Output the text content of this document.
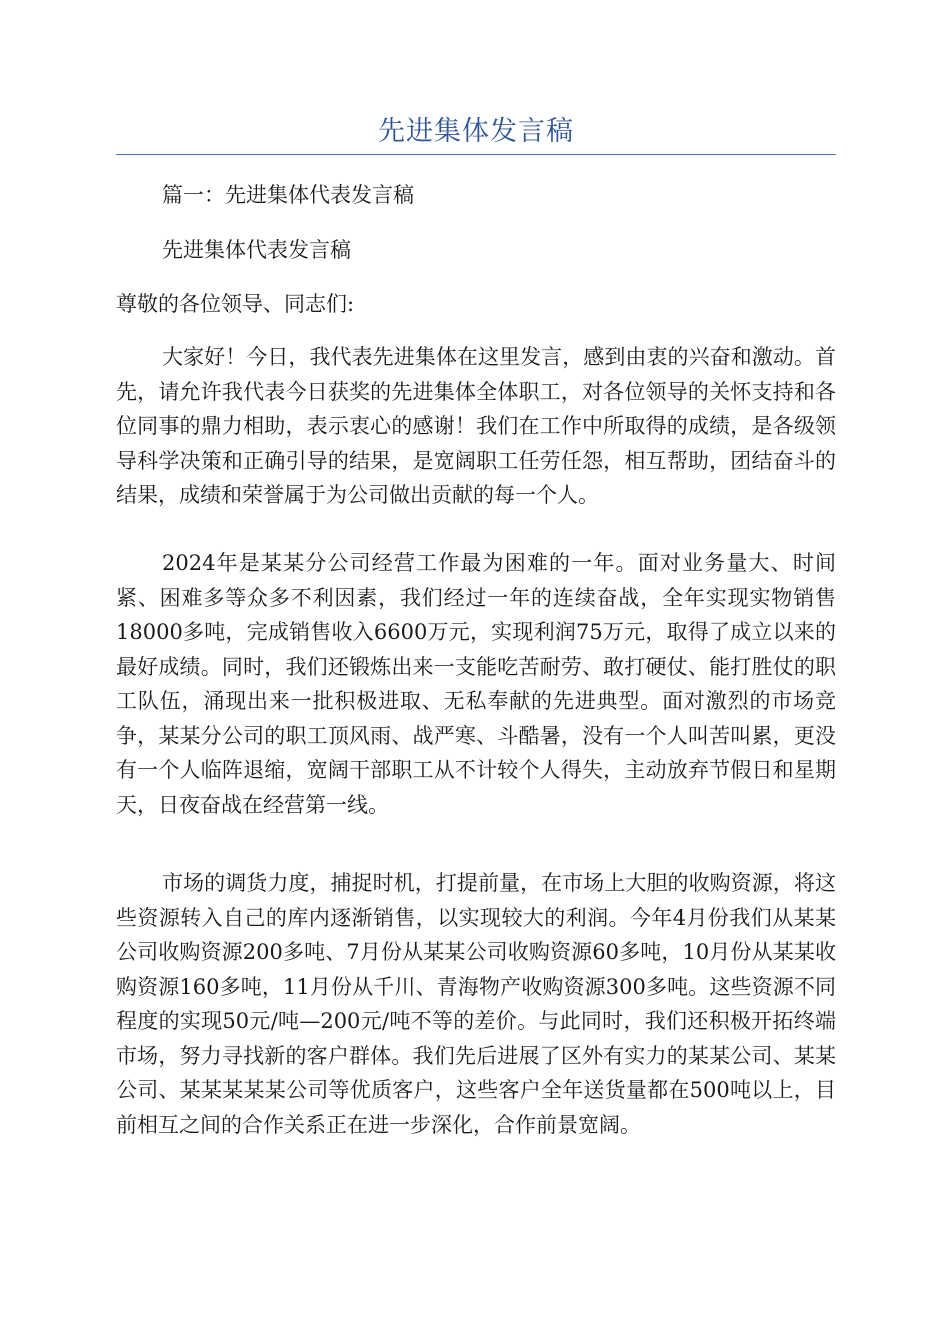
先进集体发言稿
篇一：先进集体代表发言稿
先进集体代表发言稿
尊敬的各位领导、同志们:
大家好！今日，我代表先进集体在这里发言，感到由衷的兴奋和激动。首先，请允许我代表今日获奖的先进集体全体职工，对各位领导的关怀支持和各位同事的鼎力相助，表示衷心的感谢！我们在工作中所取得的成绩，是各级领导科学决策和正确引导的结果，是宽阔职工任劳任怨，相互帮助，团结奋斗的结果，成绩和荣誉属于为公司做出贡献的每一个人。
2024年是某某分公司经营工作最为困难的一年。面对业务量大、时间紧、困难多等众多不利因素，我们经过一年的连续奋战，全年实现实物销售18000多吨，完成销售收入6600万元，实现利润75万元，取得了成立以来的最好成绩。同时，我们还锻炼出来一支能吃苦耐劳、敢打硬仗、能打胜仗的职工队伍，涌现出来一批积极进取、无私奉献的先进典型。面对激烈的市场竞争，某某分公司的职工顶风雨、战严寒、斗酷暑，没有一个人叫苦叫累，更没有一个人临阵退缩，宽阔干部职工从不计较个人得失，主动放弃节假日和星期天，日夜奋战在经营第一线。
市场的调货力度，捕捉时机，打提前量，在市场上大胆的收购资源，将这些资源转入自己的库内逐渐销售，以实现较大的利润。今年4月份我们从某某公司收购资源200多吨、7月份从某某公司收购资源60多吨，10月份从某某收购资源160多吨，11月份从千川、青海物产收购资源300多吨。这些资源不同程度的实现50元/吨—200元/吨不等的差价。与此同时，我们还积极开拓终端市场，努力寻找新的客户群体。我们先后进展了区外有实力的某某公司、某某公司、某某某某某公司等优质客户，这些客户全年送货量都在500吨以上，目前相互之间的合作关系正在进一步深化，合作前景宽阔。
